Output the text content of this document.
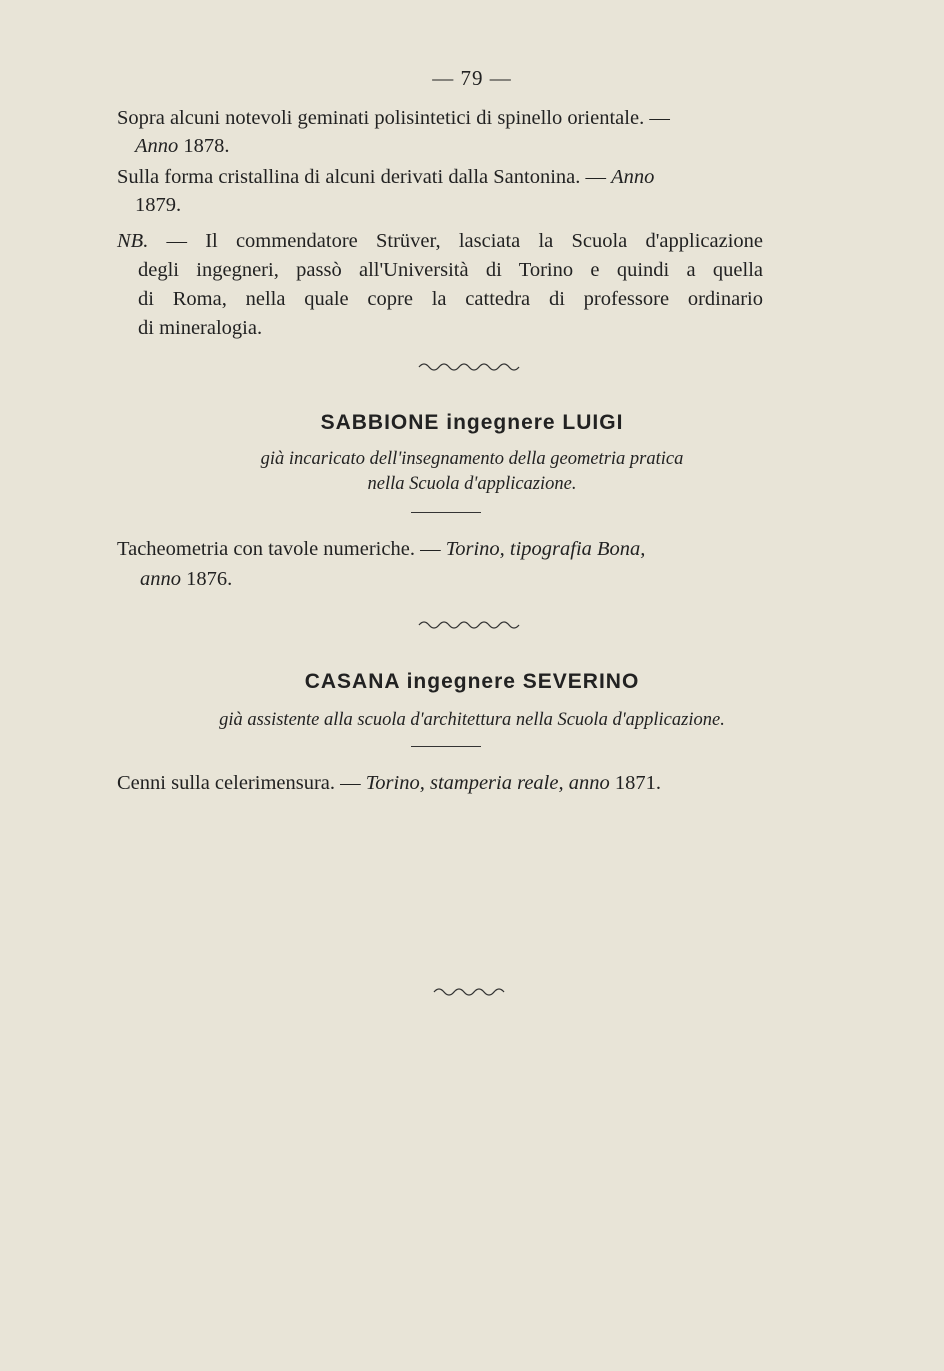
— 79 —
Sopra alcuni notevoli geminati polisintetici di spinello orientale. —
Anno 1878.
Sulla forma cristallina di alcuni derivati dalla Santonina. — Anno
1879.
NB. — Il commendatore Strüver, lasciata la Scuola d'applicazione
degli ingegneri, passò all'Università di Torino e quindi a quella
di Roma, nella quale copre la cattedra di professore ordinario
di mineralogia.
SABBIONE ingegnere LUIGI
già incaricato dell'insegnamento della geometria pratica
nella Scuola d'applicazione.
Tacheometria con tavole numeriche. — Torino, tipografia Bona,
anno 1876.
CASANA ingegnere SEVERINO
già assistente alla scuola d'architettura nella Scuola d'applicazione.
Cenni sulla celerimensura. — Torino, stamperia reale, anno 1871.
